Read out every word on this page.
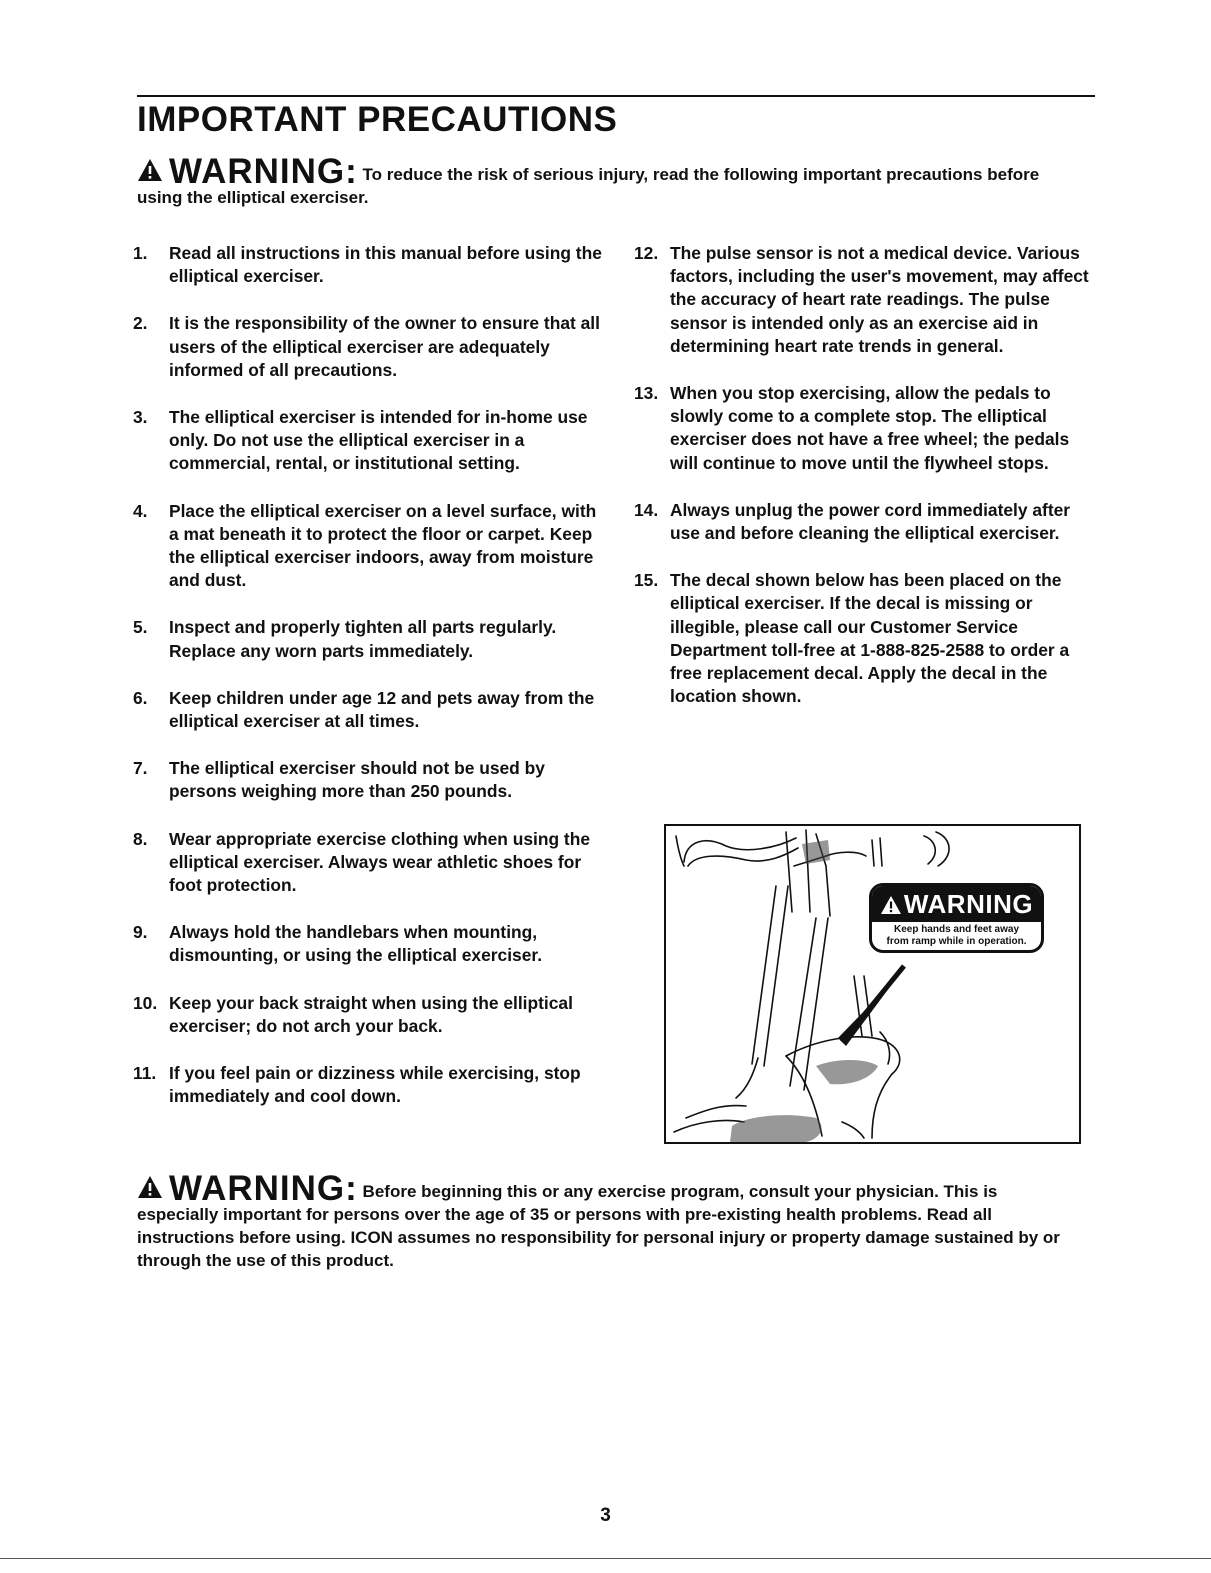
IMPORTANT PRECAUTIONS
WARNING: To reduce the risk of serious injury, read the following important precautions before using the elliptical exerciser.
1. Read all instructions in this manual before using the elliptical exerciser.
2. It is the responsibility of the owner to ensure that all users of the elliptical exerciser are adequately informed of all precautions.
3. The elliptical exerciser is intended for in-home use only. Do not use the elliptical exerciser in a commercial, rental, or institutional setting.
4. Place the elliptical exerciser on a level surface, with a mat beneath it to protect the floor or carpet. Keep the elliptical exerciser indoors, away from moisture and dust.
5. Inspect and properly tighten all parts regularly. Replace any worn parts immediately.
6. Keep children under age 12 and pets away from the elliptical exerciser at all times.
7. The elliptical exerciser should not be used by persons weighing more than 250 pounds.
8. Wear appropriate exercise clothing when using the elliptical exerciser. Always wear athletic shoes for foot protection.
9. Always hold the handlebars when mounting, dismounting, or using the elliptical exerciser.
10. Keep your back straight when using the elliptical exerciser; do not arch your back.
11. If you feel pain or dizziness while exercising, stop immediately and cool down.
12. The pulse sensor is not a medical device. Various factors, including the user's movement, may affect the accuracy of heart rate readings. The pulse sensor is intended only as an exercise aid in determining heart rate trends in general.
13. When you stop exercising, allow the pedals to slowly come to a complete stop. The elliptical exerciser does not have a free wheel; the pedals will continue to move until the flywheel stops.
14. Always unplug the power cord immediately after use and before cleaning the elliptical exerciser.
15. The decal shown below has been placed on the elliptical exerciser. If the decal is missing or illegible, please call our Customer Service Department toll-free at 1-888-825-2588 to order a free replacement decal. Apply the decal in the location shown.
WARNING
Keep hands and feet away
from ramp while in operation.
WARNING: Before beginning this or any exercise program, consult your physician. This is especially important for persons over the age of 35 or persons with pre-existing health problems. Read all instructions before using. ICON assumes no responsibility for personal injury or property damage sustained by or through the use of this product.
3
